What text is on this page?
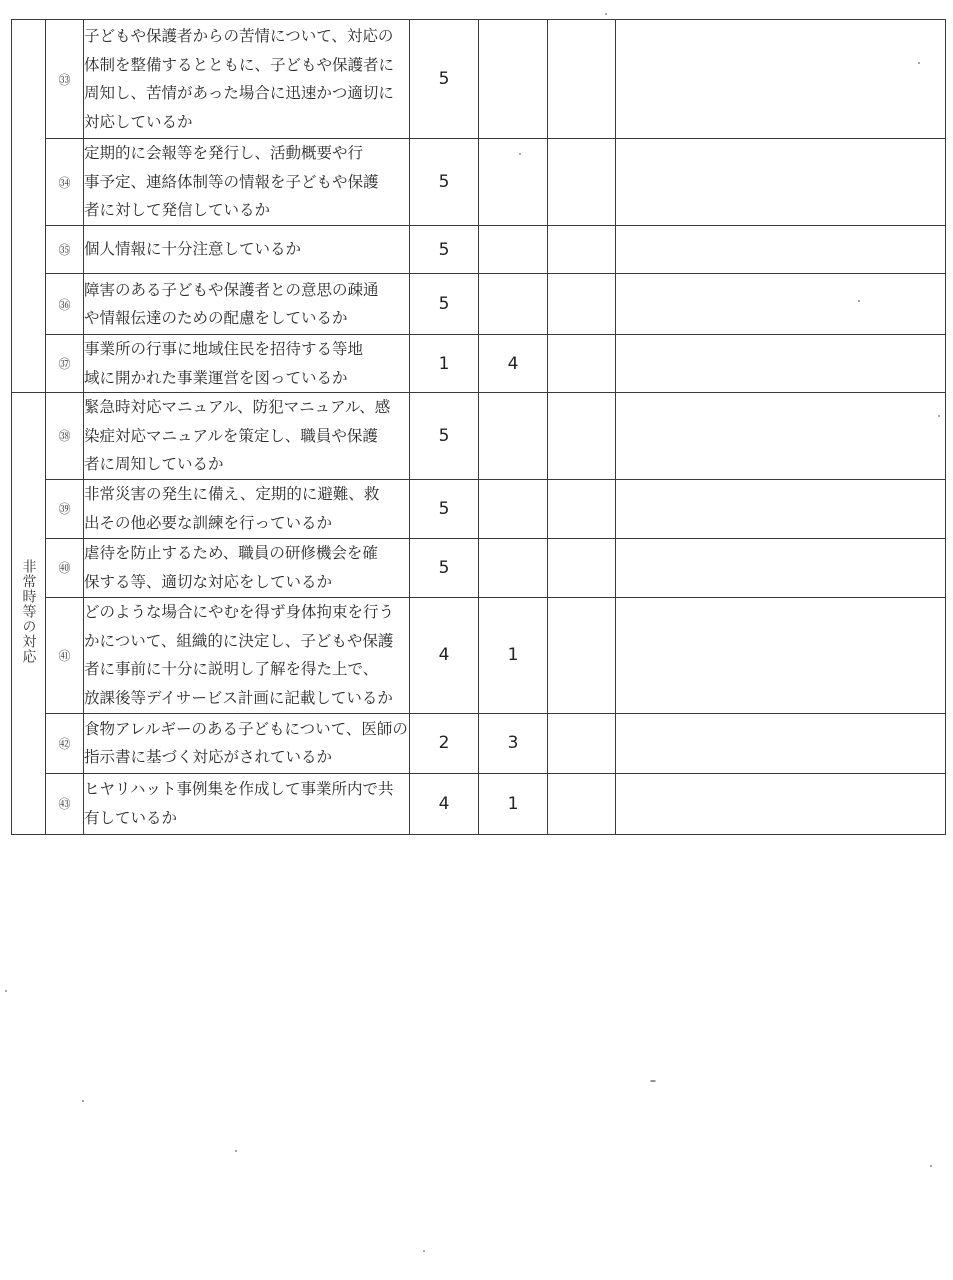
	㉝	子どもや保護者からの苦情について、対応の
体制を整備するとともに、子どもや保護者に
周知し、苦情があった場合に迅速かつ適切に
対応しているか	5			
	㉞	定期的に会報等を発行し、活動概要や行
事予定、連絡体制等の情報を子どもや保護
者に対して発信しているか	5			
	㉟	個人情報に十分注意しているか	5			
	㊱	障害のある子どもや保護者との意思の疎通
や情報伝達のための配慮をしているか	5			
	㊲	事業所の行事に地域住民を招待する等地
域に開かれた事業運営を図っているか	1	4		
非常時等の対応	㊳	緊急時対応マニュアル、防犯マニュアル、感
染症対応マニュアルを策定し、職員や保護
者に周知しているか	5			
	㊴	非常災害の発生に備え、定期的に避難、救
出その他必要な訓練を行っているか	5			
	㊵	虐待を防止するため、職員の研修機会を確
保する等、適切な対応をしているか	5			
	㊶	どのような場合にやむを得ず身体拘束を行う
かについて、組織的に決定し、子どもや保護
者に事前に十分に説明し了解を得た上で、
放課後等デイサービス計画に記載しているか	4	1		
	㊷	食物アレルギーのある子どもについて、医師の
指示書に基づく対応がされているか	2	3		
	㊸	ヒヤリハット事例集を作成して事業所内で共
有しているか	4	1		
